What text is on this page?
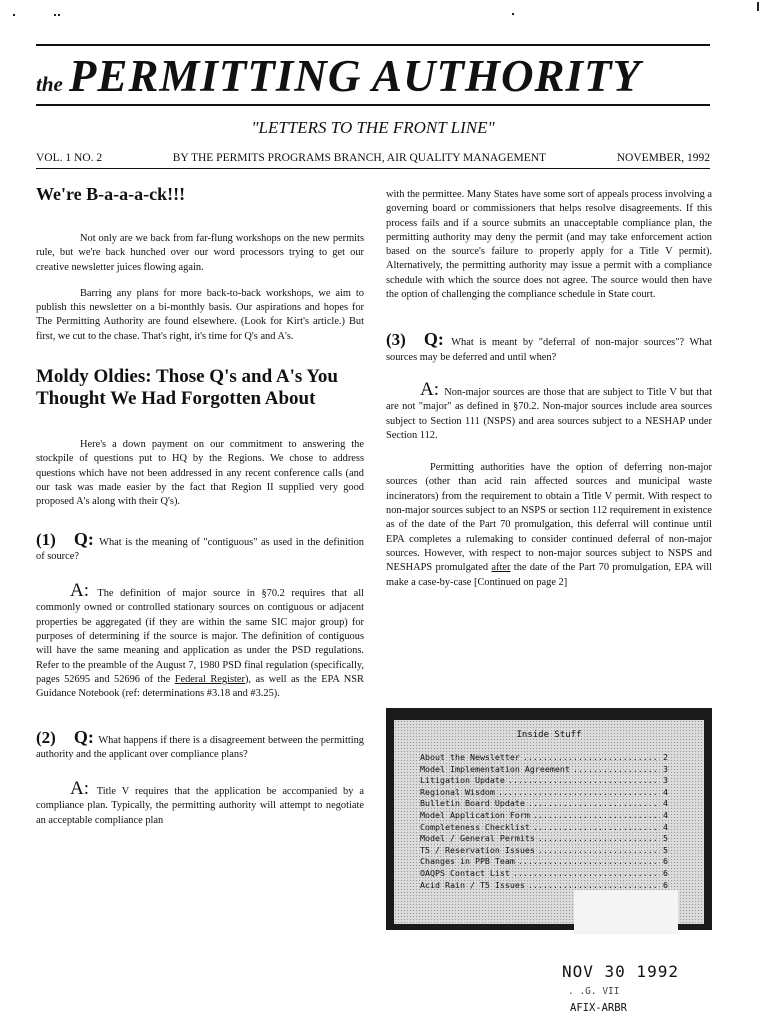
the PERMITTING AUTHORITY
"LETTERS TO THE FRONT LINE"
VOL. 1 NO. 2	BY THE PERMITS PROGRAMS BRANCH, AIR QUALITY MANAGEMENT	NOVEMBER, 1992
We're B-a-a-a-ck!!!

Not only are we back from far-flung workshops on the new permits rule, but we're back hunched over our word processors trying to get our creative newsletter juices flowing again.

Barring any plans for more back-to-back workshops, we aim to publish this newsletter on a bi-monthly basis. Our aspirations and hopes for The Permitting Authority are found elsewhere. (Look for Kirt's article.) But first, we cut to the chase. That's right, it's time for Q's and A's.

Moldy Oldies: Those Q's and A's You Thought We Had Forgotten About

Here's a down payment on our commitment to answering the stockpile of questions put to HQ by the Regions. We chose to address questions which have not been addressed in any recent conference calls (and our task was made easier by the fact that Region II supplied very good proposed A's along with their Q's).

(1) Q: What is the meaning of "contiguous" as used in the definition of source?

A: The definition of major source in §70.2 requires that all commonly owned or controlled stationary sources on contiguous or adjacent properties be aggregated (if they are within the same SIC major group) for purposes of determining if the source is major. The definition of contiguous will have the same meaning and application as under the PSD regulations. Refer to the preamble of the August 7, 1980 PSD final regulation (specifically, pages 52695 and 52696 of the Federal Register), as well as the EPA NSR Guidance Notebook (ref: determinations #3.18 and #3.25).

(2) Q: What happens if there is a disagreement between the permitting authority and the applicant over compliance plans?

A: Title V requires that the application be accompanied by a compliance plan. Typically, the permitting authority will attempt to negotiate an acceptable compliance plan

with the permittee. Many States have some sort of appeals process involving a governing board or commissioners that helps resolve disagreements. If this process fails and if a source submits an unacceptable compliance plan, the permitting authority may deny the permit (and may take enforcement action based on the source's failure to properly apply for a Title V permit). Alternatively, the permitting authority may issue a permit with a compliance schedule with which the source does not agree. The source would then have the option of challenging the compliance schedule in State court.

(3) Q: What is meant by "deferral of non-major sources"? What sources may be deferred and until when?

A: Non-major sources are those that are subject to Title V but that are not "major" as defined in §70.2. Non-major sources include area sources subject to Section 111 (NSPS) and area sources subject to a NESHAP under Section 112.

Permitting authorities have the option of deferring non-major sources (other than acid rain affected sources and municipal waste incinerators) from the requirement to obtain a Title V permit. With respect to non-major sources subject to an NSPS or section 112 requirement in existence as of the date of the Part 70 promulgation, this deferral will continue until EPA completes a rulemaking to consider continued deferral of non-major sources. However, with respect to non-major sources subject to NSPS and NESHAPS promulgated after the date of the Part 70 promulgation, EPA will make a case-by-case [Continued on page 2]

Inside Stuff
About the Newsletter .....	2
Model Implementation Agreement .....	3
Litigation Update .....	3
Regional Wisdom .....	4
Bulletin Board Update .....	4
Model Application Form .....	4
Completeness Checklist .....	4
Model / General Permits .....	5
T5 / Reservation Issues .....	5
Changes in PPB Team .....	6
OAQPS Contact List .....	6
Acid Rain / T5 Issues .....	6
NOV 30 1992
. .G. VII
AFIX-ARBR
